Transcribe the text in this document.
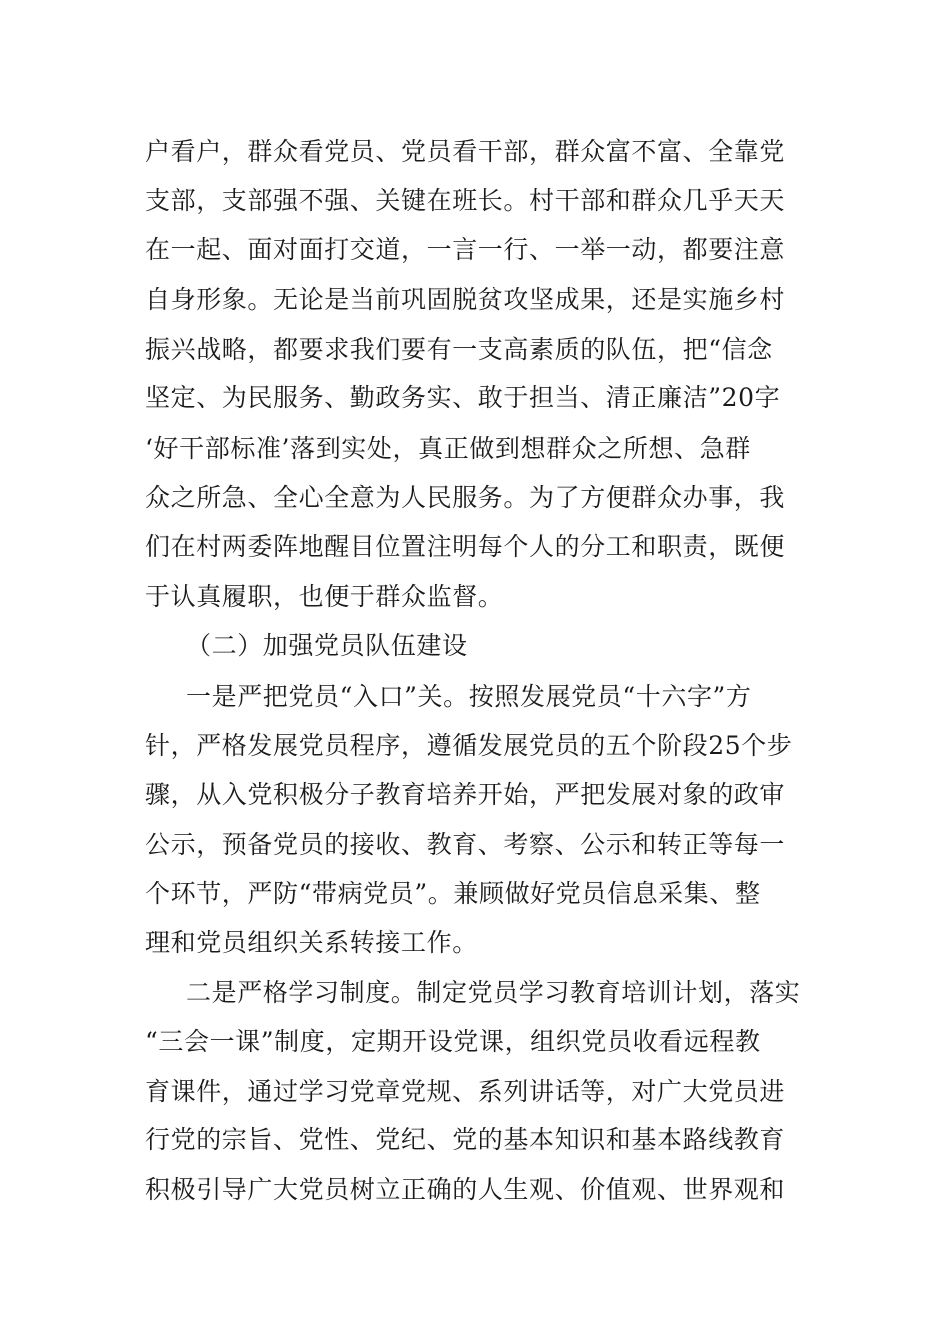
户看户，群众看党员、党员看干部，群众富不富、全靠党
支部，支部强不强、关键在班长。村干部和群众几乎天天
在一起、面对面打交道，一言一行、一举一动，都要注意
自身形象。无论是当前巩固脱贫攻坚成果，还是实施乡村
振兴战略，都要求我们要有一支高素质的队伍，把“信念
坚定、为民服务、勤政务实、敢于担当、清正廉洁”20字
‘好干部标准’落到实处，真正做到想群众之所想、急群
众之所急、全心全意为人民服务。为了方便群众办事，我
们在村两委阵地醒目位置注明每个人的分工和职责，既便
于认真履职，也便于群众监督。
（二）加强党员队伍建设
一是严把党员“入口”关。按照发展党员“十六字”方
针，严格发展党员程序，遵循发展党员的五个阶段25个步
骤，从入党积极分子教育培养开始，严把发展对象的政审
公示，预备党员的接收、教育、考察、公示和转正等每一
个环节，严防“带病党员”。兼顾做好党员信息采集、整
理和党员组织关系转接工作。
二是严格学习制度。制定党员学习教育培训计划，落实
“三会一课”制度，定期开设党课，组织党员收看远程教
育课件，通过学习党章党规、系列讲话等，对广大党员进
行党的宗旨、党性、党纪、党的基本知识和基本路线教育
积极引导广大党员树立正确的人生观、价值观、世界观和
